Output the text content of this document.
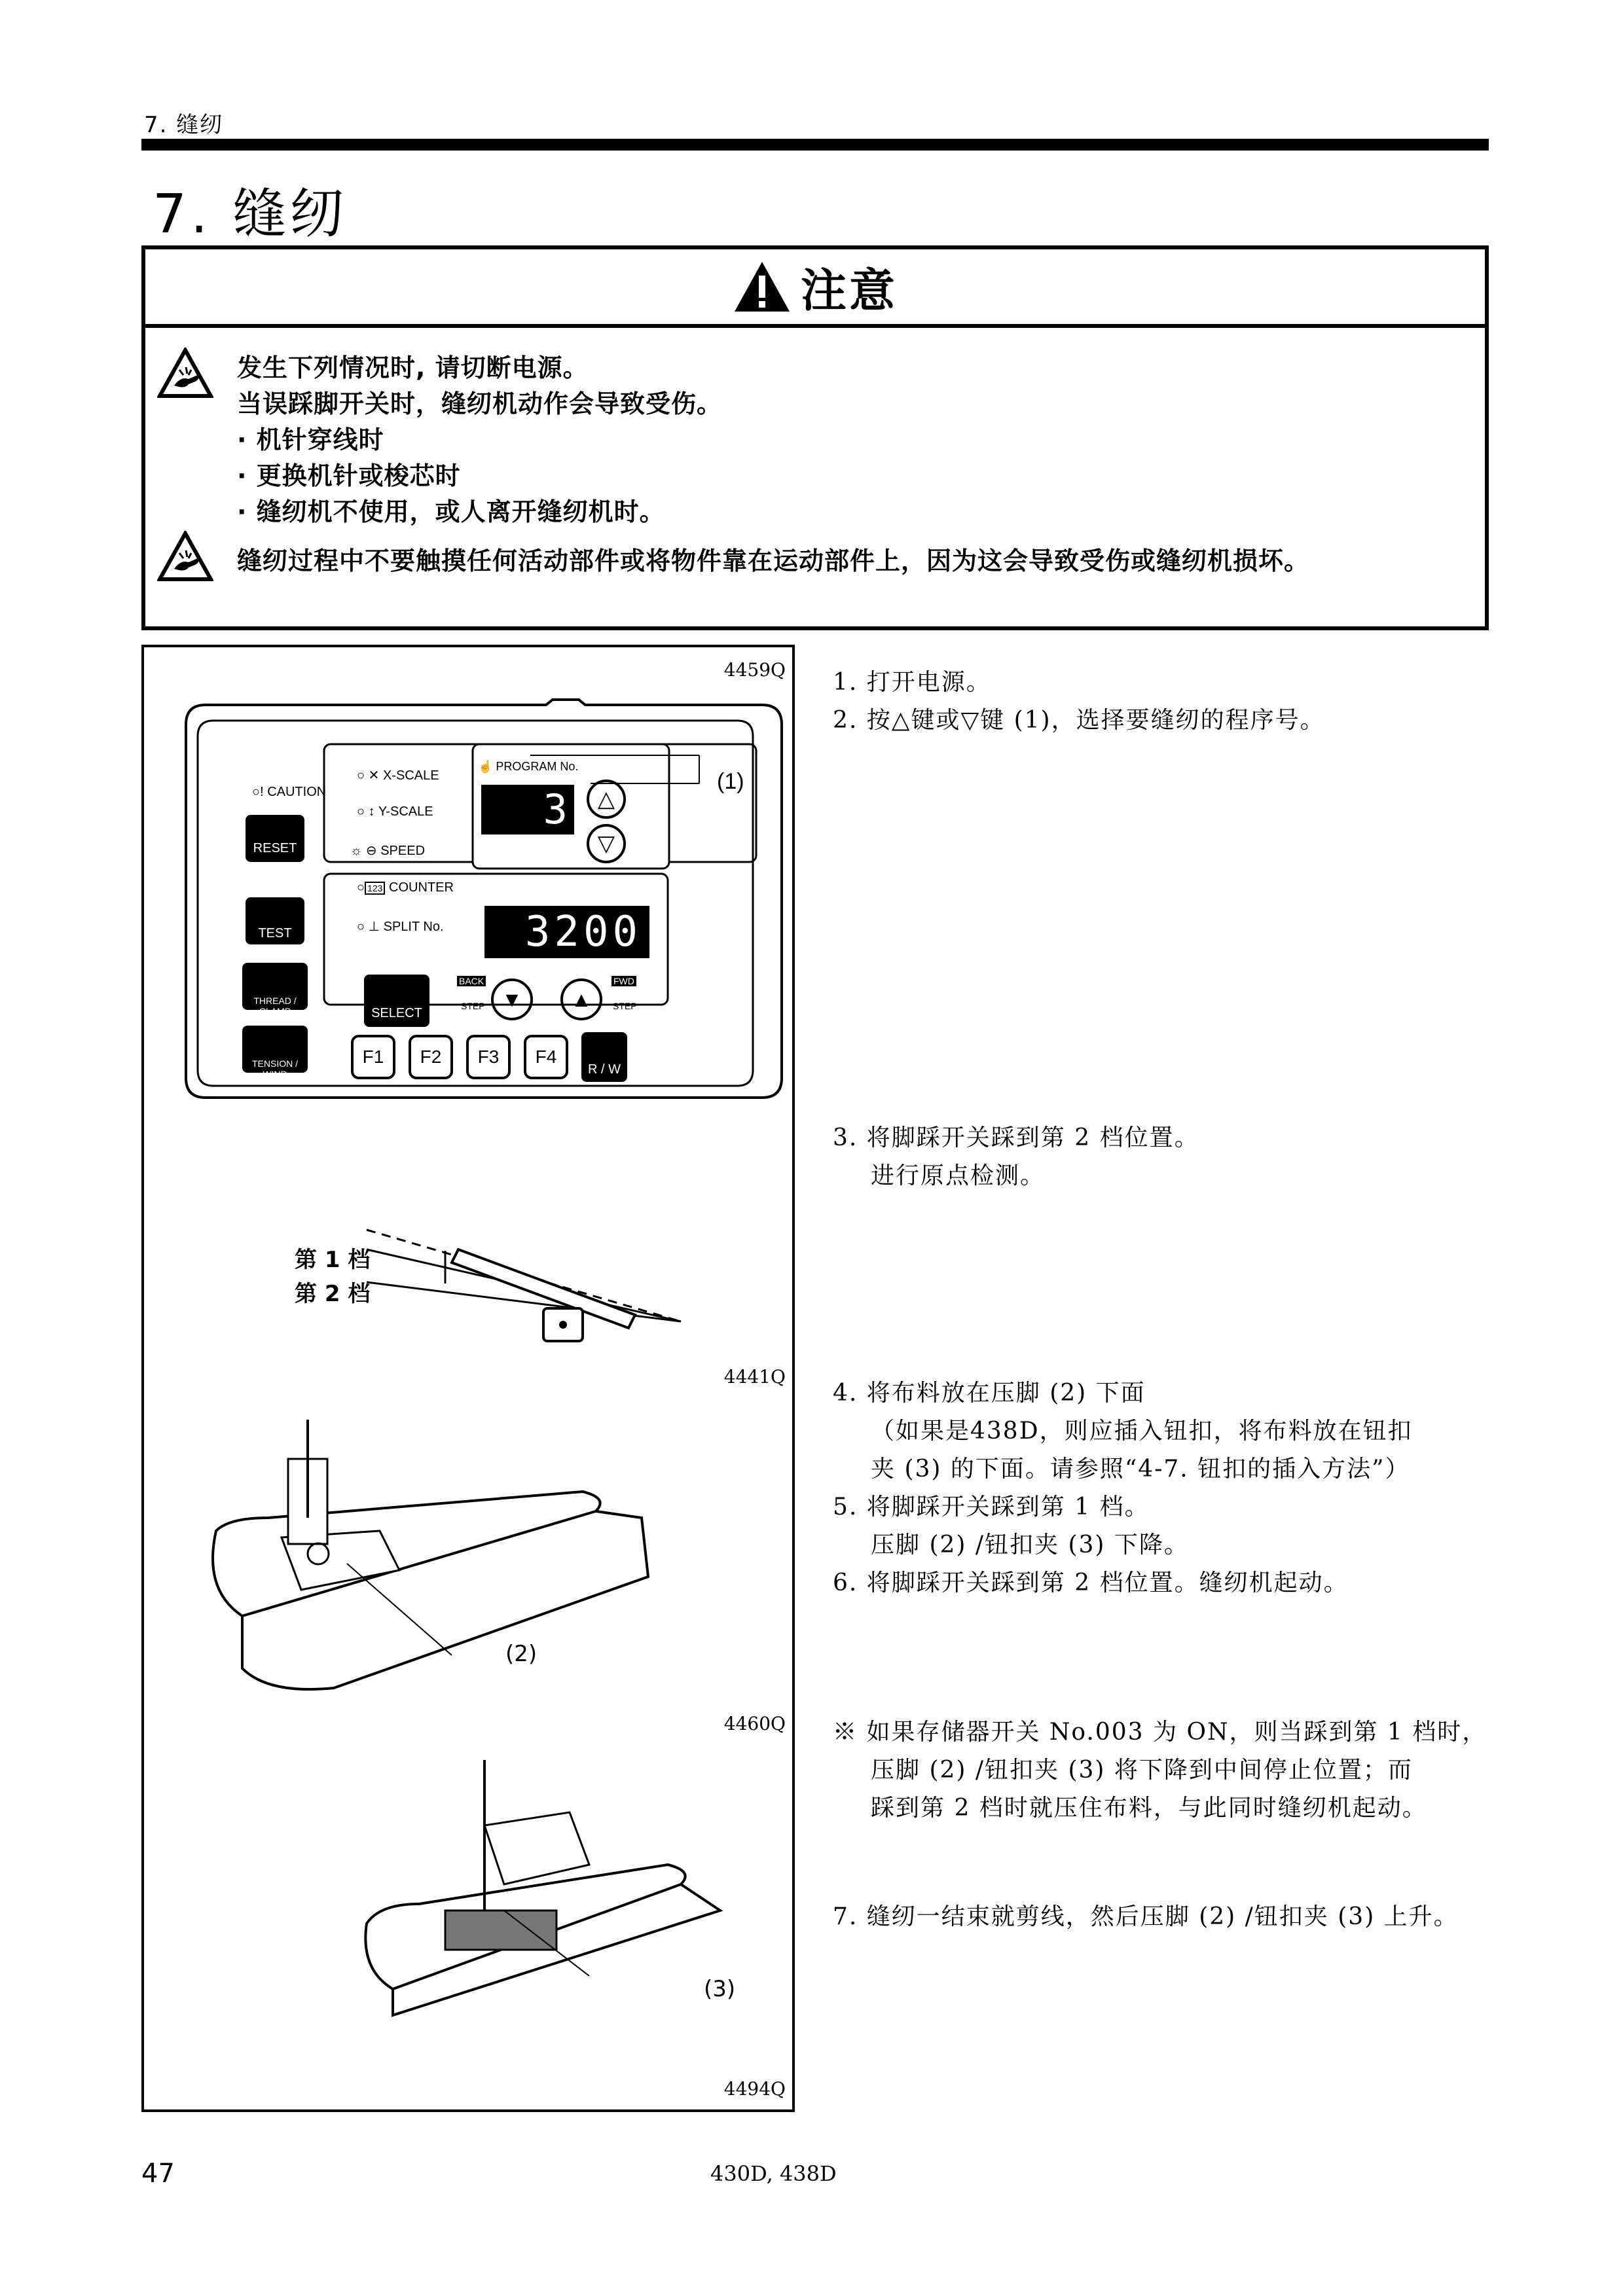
7. 缝纫
7. 缝纫
注意
发生下列情况时, 请切断电源。
当误踩脚开关时，缝纫机动作会导致受伤。
· 机针穿线时
· 更换机针或梭芯时
· 缝纫机不使用，或人离开缝纫机时。
缝纫过程中不要触摸任何活动部件或将物件靠在运动部件上，因为这会导致受伤或缝纫机损坏。
4459Q
4441Q
4460Q
4494Q
○! CAUTION
RESET
TEST
THREAD / CLAMP
TENSION / WIND
○ ✕ X-SCALE
○ ↕ Y-SCALE
☼ ⊖ SPEED
○ 123 COUNTER
○ ⊥ SPLIT No.
☝ PROGRAM No.
3	△
▽
3200
SELECT
BACK
STEP ▼	▲
FWD
STEP
F1	F2	F3	F4
R / W
(1)
第 1 档
第 2 档
(2)
(3)
1. 打开电源。
2. 按△键或▽键 (1)，选择要缝纫的程序号。
3. 将脚踩开关踩到第 2 档位置。
进行原点检测。
4. 将布料放在压脚 (2) 下面
（如果是438D，则应插入钮扣，将布料放在钮扣
夹 (3) 的下面。请参照“4-7. 钮扣的插入方法”）
5. 将脚踩开关踩到第 1 档。
压脚 (2) /钮扣夹 (3) 下降。
6. 将脚踩开关踩到第 2 档位置。缝纫机起动。
※ 如果存储器开关 No.003 为 ON，则当踩到第 1 档时，
压脚 (2) /钮扣夹 (3) 将下降到中间停止位置；而
踩到第 2 档时就压住布料，与此同时缝纫机起动。
7. 缝纫一结束就剪线，然后压脚 (2) /钮扣夹 (3) 上升。
47	430D, 438D
